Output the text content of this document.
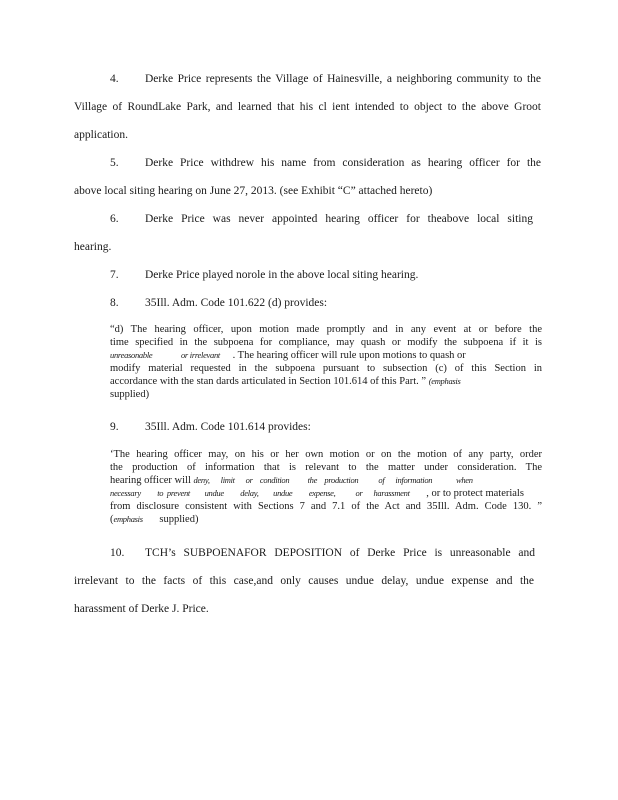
4. Derke Price represents the Village of Hainesville, a neighboring community to the
Village of RoundLake Park, and learned that his cl ient intended to object to the above Groot
application.
5. Derke Price withdrew his name from consideration as hearing officer for the
above local siting hearing on June 27, 2013. (see Exhibit “C” attached hereto)
6. Derke Price was never appointed hearing officer for theabove local siting
hearing.
7. Derke Price played norole in the above local siting hearing.
8. 35Ill. Adm. Code 101.622 (d) provides:
“d) The hearing officer, upon motion made promptly and in any event at or before the
time specified in the subpoena for compliance, may quash or modify the subpoena if it is
unreasonable	or irrelevant . The hearing officer will rule upon motions to quash or
modify material requested in the subpoena pursuant to subsection (c) of this Section in
accordance with the stan dards articulated in Section 101.614 of this Part. ” (emphasis
supplied)
9. 35Ill. Adm. Code 101.614 provides:
‘The hearing officer may, on his or her own motion or on the motion of any party, order
the production of information that is relevant to the matter under consideration. The
hearing officer will deny,      limit      or    condition          the    production           of      information             when
necessary         to  prevent        undue         delay,        undue         expense,           or      harassment , or to protect materials
from disclosure consistent with Sections 7 and 7.1 of the Act and 35Ill. Adm. Code 130. ”
(emphasis supplied)
10. TCH’s SUBPOENAFOR DEPOSITION of Derke Price is unreasonable and
irrelevant to the facts of this case,and only causes undue delay, undue expense and the
harassment of Derke J. Price.
